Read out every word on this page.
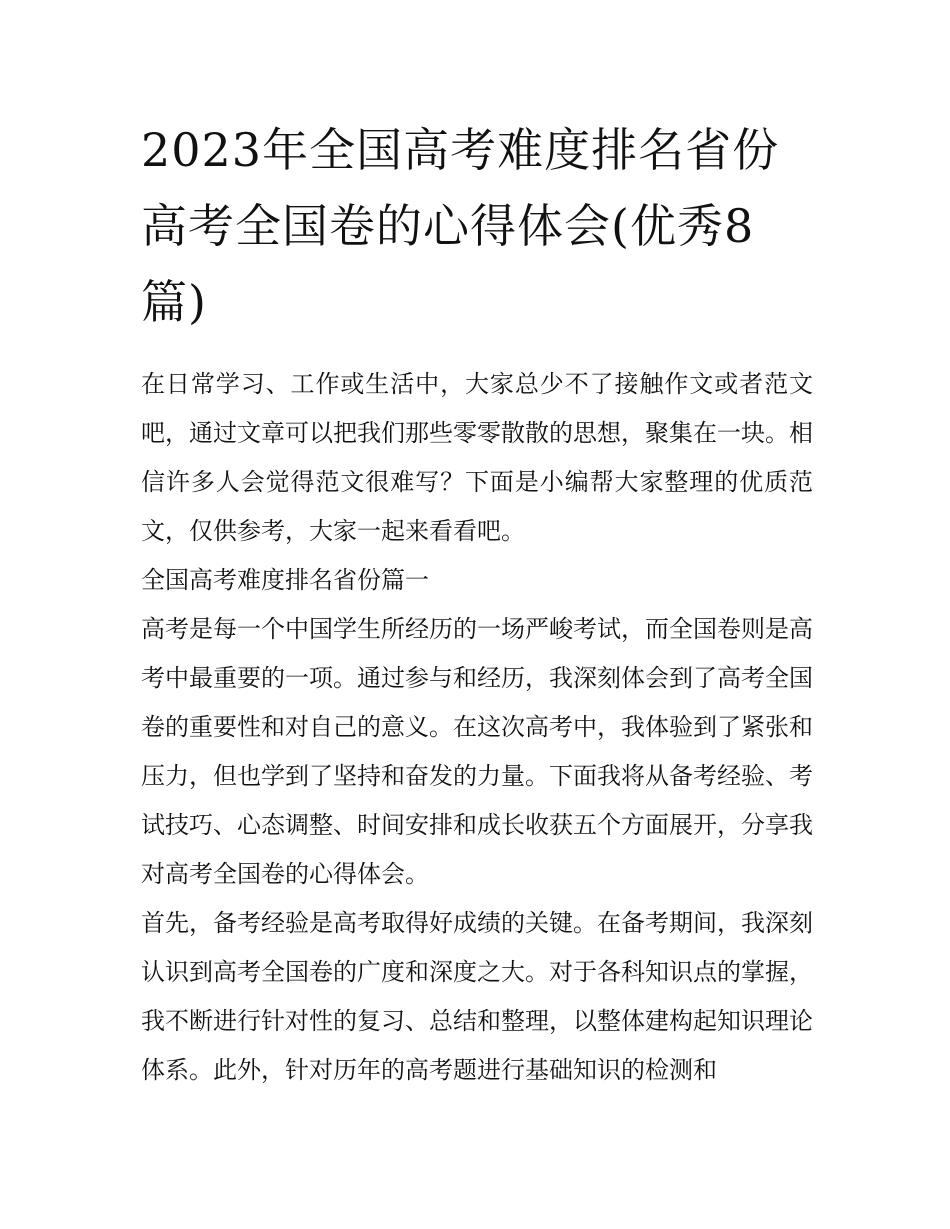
2023年全国高考难度排名省份
高考全国卷的心得体会(优秀8
篇)

在日常学习、工作或生活中，大家总少不了接触作文或者范文吧，通过文章可以把我们那些零零散散的思想，聚集在一块。相信许多人会觉得范文很难写？下面是小编帮大家整理的优质范文，仅供参考，大家一起来看看吧。

全国高考难度排名省份篇一

高考是每一个中国学生所经历的一场严峻考试，而全国卷则是高考中最重要的一项。通过参与和经历，我深刻体会到了高考全国卷的重要性和对自己的意义。在这次高考中，我体验到了紧张和压力，但也学到了坚持和奋发的力量。下面我将从备考经验、考试技巧、心态调整、时间安排和成长收获五个方面展开，分享我对高考全国卷的心得体会。

首先，备考经验是高考取得好成绩的关键。在备考期间，我深刻认识到高考全国卷的广度和深度之大。对于各科知识点的掌握，我不断进行针对性的复习、总结和整理，以整体建构起知识理论体系。此外，针对历年的高考题进行基础知识的检测和
